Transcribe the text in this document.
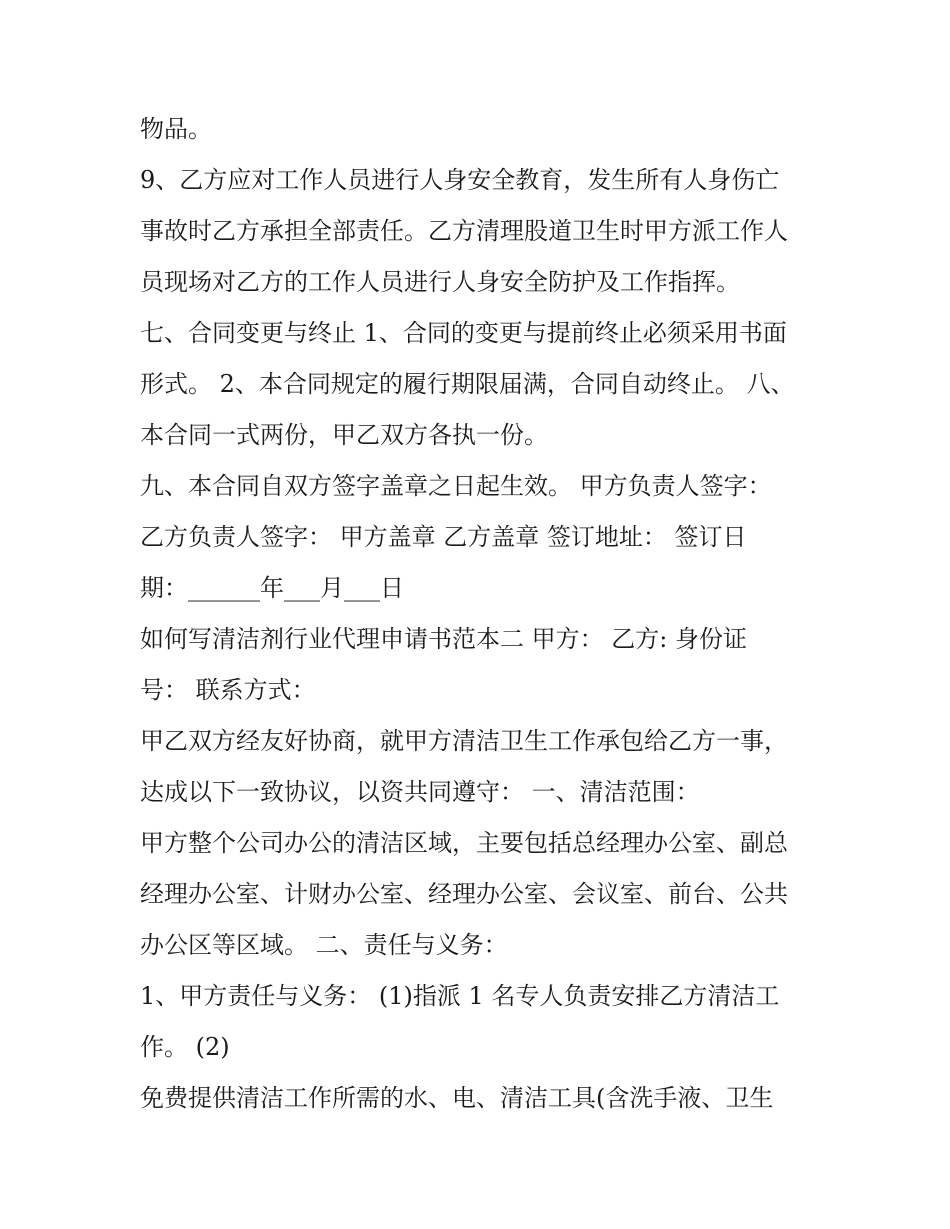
物品。
9、乙方应对工作人员进行人身安全教育，发生所有人身伤亡
事故时乙方承担全部责任。乙方清理股道卫生时甲方派工作人
员现场对乙方的工作人员进行人身安全防护及工作指挥。
七、合同变更与终止 1、合同的变更与提前终止必须采用书面
形式。 2、本合同规定的履行期限届满，合同自动终止。 八、
本合同一式两份，甲乙双方各执一份。
九、本合同自双方签字盖章之日起生效。 甲方负责人签字：
乙方负责人签字： 甲方盖章 乙方盖章 签订地址： 签订日
期：______年___月___日
如何写清洁剂行业代理申请书范本二 甲方： 乙方: 身份证
号： 联系方式：
甲乙双方经友好协商，就甲方清洁卫生工作承包给乙方一事，
达成以下一致协议，以资共同遵守： 一、清洁范围：
甲方整个公司办公的清洁区域，主要包括总经理办公室、副总
经理办公室、计财办公室、经理办公室、会议室、前台、公共
办公区等区域。 二、责任与义务：
1、甲方责任与义务： (1)指派 1 名专人负责安排乙方清洁工
作。 (2)
免费提供清洁工作所需的水、电、清洁工具(含洗手液、卫生
